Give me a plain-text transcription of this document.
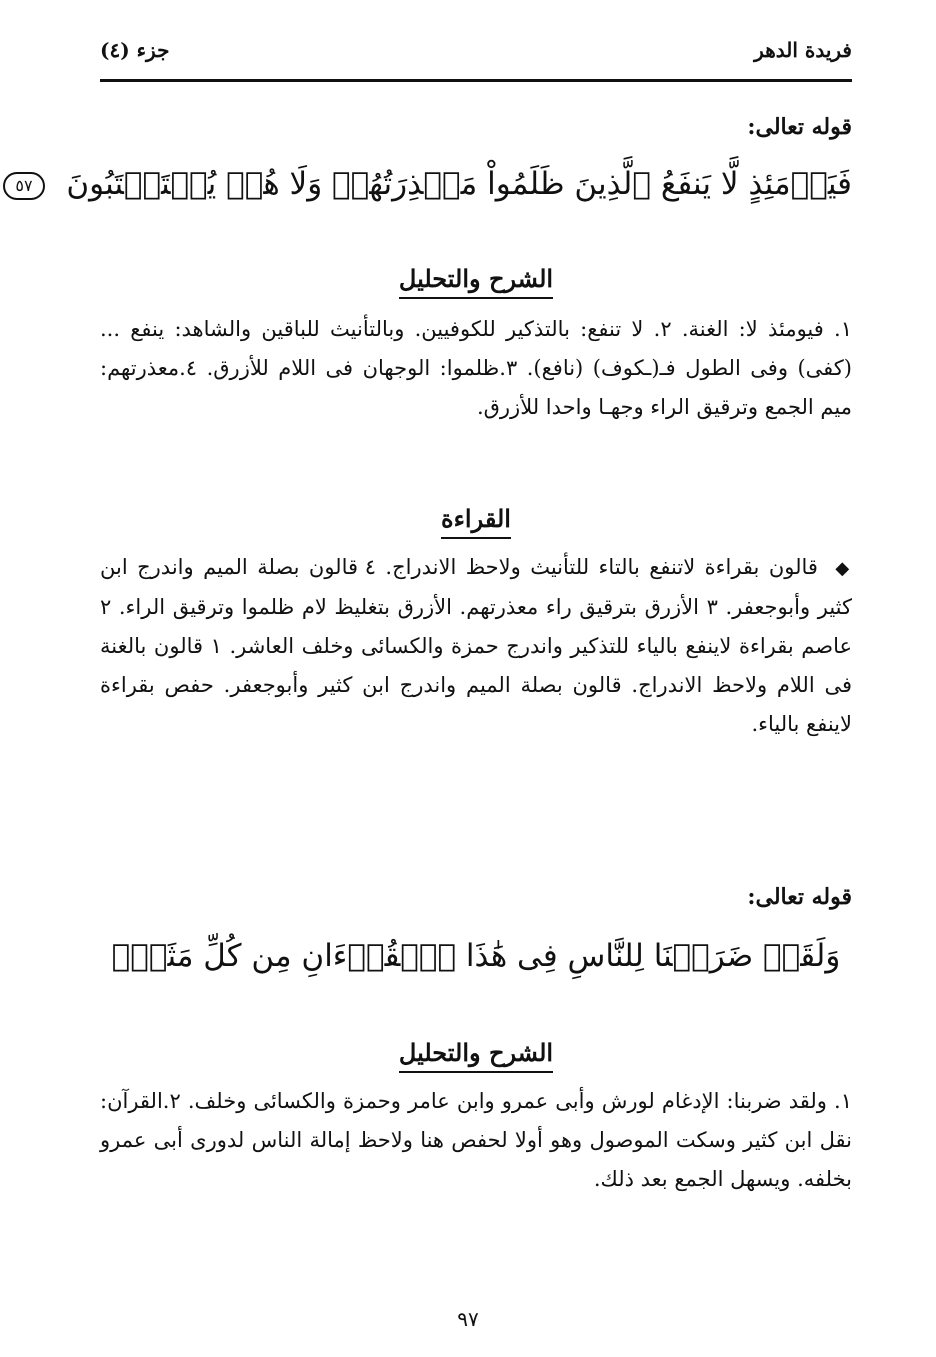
فريدة الدهر
جزء (٤)
قوله تعالى:
فَيَوۡمَئِذٍ لَّا يَنفَعُ ٱلَّذِينَ ظَلَمُواْ مَعۡذِرَتُهُمۡ وَلَا هُمۡ يُسۡتَعۡتَبُونَ ٥٧
الشرح والتحليل
١. فيومئذ لا: الغنة. ٢. لا تنفع: بالتذكير للكوفيين. وبالتأنيث للباقين والشاهد: ينفع ... (كفى) وفى الطول فـ(ـكوف) (نافع). ٣.ظلموا: الوجهان فى اللام للأزرق. ٤.معذرتهم: ميم الجمع وترقيق الراء وجهـا واحدا للأزرق.
القراءة
◆ قالون بقراءة لاتنفع بالتاء للتأنيث ولاحظ الاندراج. ٤ قالون بصلة الميم واندرج ابن كثير وأبوجعفر. ٣ الأزرق بترقيق راء معذرتهم. الأزرق بتغليظ لام ظلموا وترقيق الراء. ٢ عاصم بقراءة لاينفع بالياء للتذكير واندرج حمزة والكسائى وخلف العاشر. ١ قالون بالغنة فى اللام ولاحظ الاندراج. قالون بصلة الميم واندرج ابن كثير وأبوجعفر. حفص بقراءة لاينفع بالياء.
قوله تعالى:
وَلَقَدۡ ضَرَبۡنَا لِلنَّاسِ فِى هَٰذَا ٱلۡقُرۡءَانِ مِن كُلِّ مَثَلٍۚ
الشرح والتحليل
١. ولقد ضربنا: الإدغام لورش وأبى عمرو وابن عامر وحمزة والكسائى وخلف. ٢.القرآن: نقل ابن كثير وسكت الموصول وهو أولا لحفص هنا ولاحظ إمالة الناس لدورى أبى عمرو بخلفه. ويسهل الجمع بعد ذلك.
٩٧
